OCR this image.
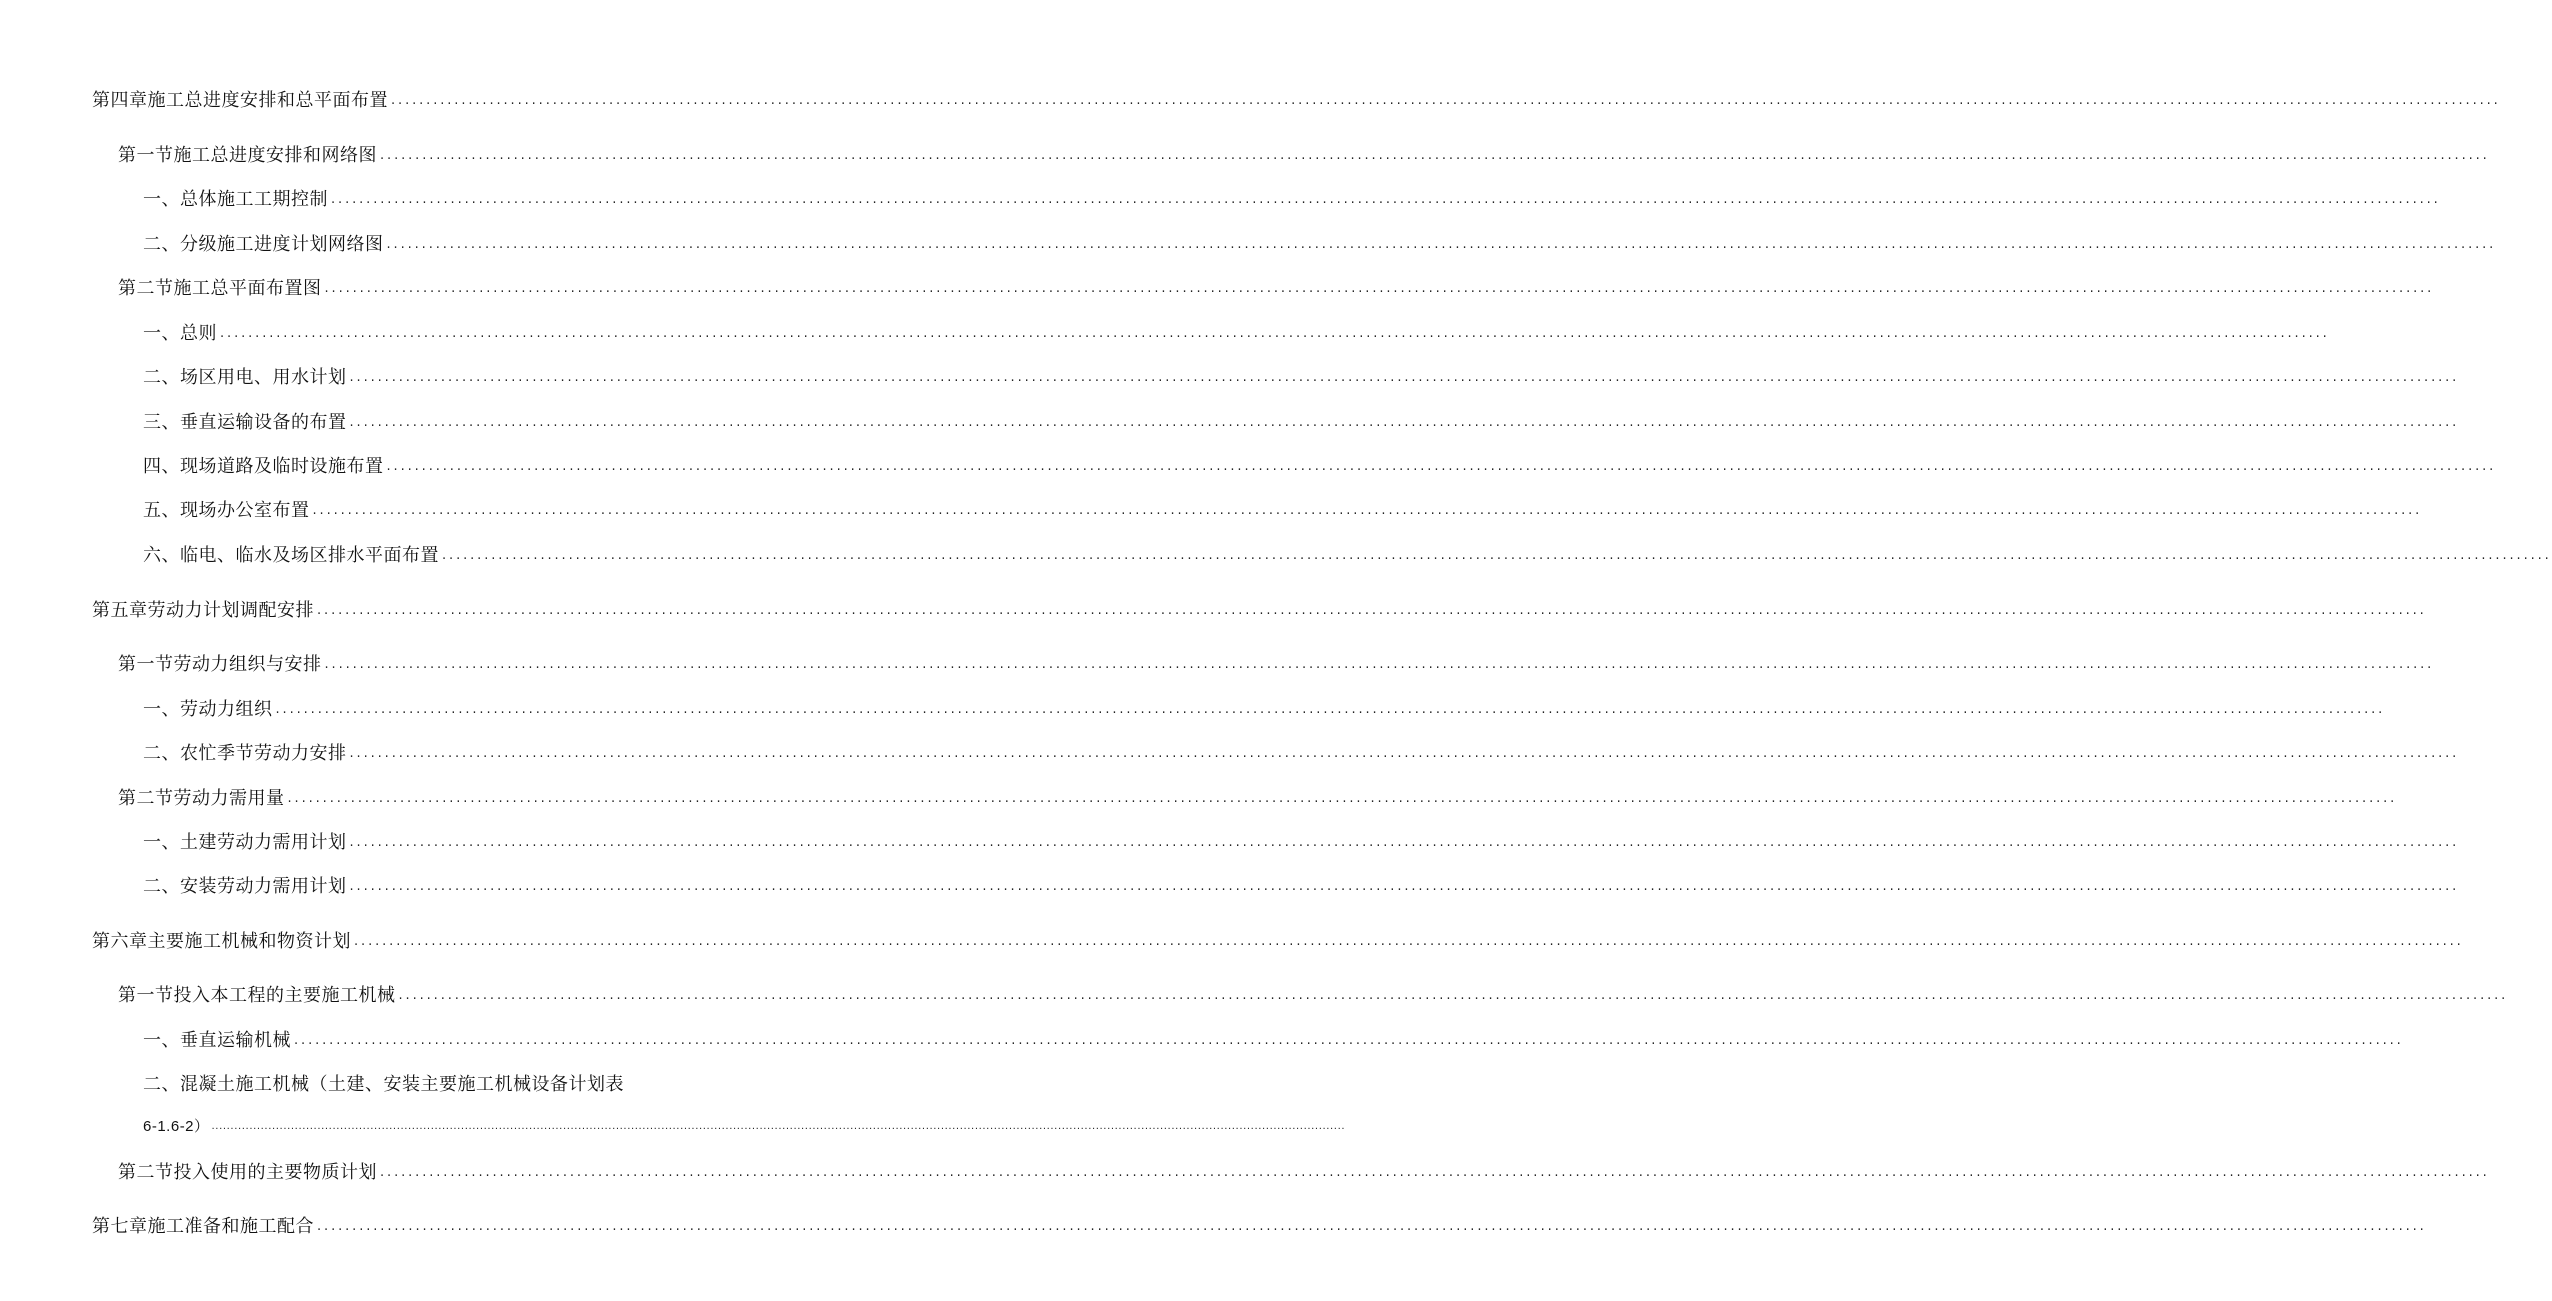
第四章施工总进度安排和总平面布置 ............................................................................................................................................................................................................................................................................................................
第一节施工总进度安排和网络图 ............................................................................................................................................................................................................................................................................................................
一、总体施工工期控制 ............................................................................................................................................................................................................................................................................................................
二、分级施工进度计划网络图 ............................................................................................................................................................................................................................................................................................................
第二节施工总平面布置图 ............................................................................................................................................................................................................................................................................................................
一、总则 ............................................................................................................................................................................................................................................................................................................
二、场区用电、用水计划 ............................................................................................................................................................................................................................................................................................................
三、垂直运输设备的布置 ............................................................................................................................................................................................................................................................................................................
四、现场道路及临时设施布置 ............................................................................................................................................................................................................................................................................................................
五、现场办公室布置 ............................................................................................................................................................................................................................................................................................................
六、临电、临水及场区排水平面布置 ............................................................................................................................................................................................................................................................................................................
第五章劳动力计划调配安排 ............................................................................................................................................................................................................................................................................................................
第一节劳动力组织与安排 ............................................................................................................................................................................................................................................................................................................
一、劳动力组织 ............................................................................................................................................................................................................................................................................................................
二、农忙季节劳动力安排 ............................................................................................................................................................................................................................................................................................................
第二节劳动力需用量 ............................................................................................................................................................................................................................................................................................................
一、土建劳动力需用计划 ............................................................................................................................................................................................................................................................................................................
二、安装劳动力需用计划 ............................................................................................................................................................................................................................................................................................................
第六章主要施工机械和物资计划 ............................................................................................................................................................................................................................................................................................................
第一节投入本工程的主要施工机械 ............................................................................................................................................................................................................................................................................................................
一、垂直运输机械 ............................................................................................................................................................................................................................................................................................................
二、混凝土施工机械（土建、安装主要施工机械设备计划表
6-1.6-2） ............................................................................................................................................................................................................................................................................................................
第二节投入使用的主要物质计划 ............................................................................................................................................................................................................................................................................................................
第七章施工准备和施工配合 ............................................................................................................................................................................................................................................................................................................
